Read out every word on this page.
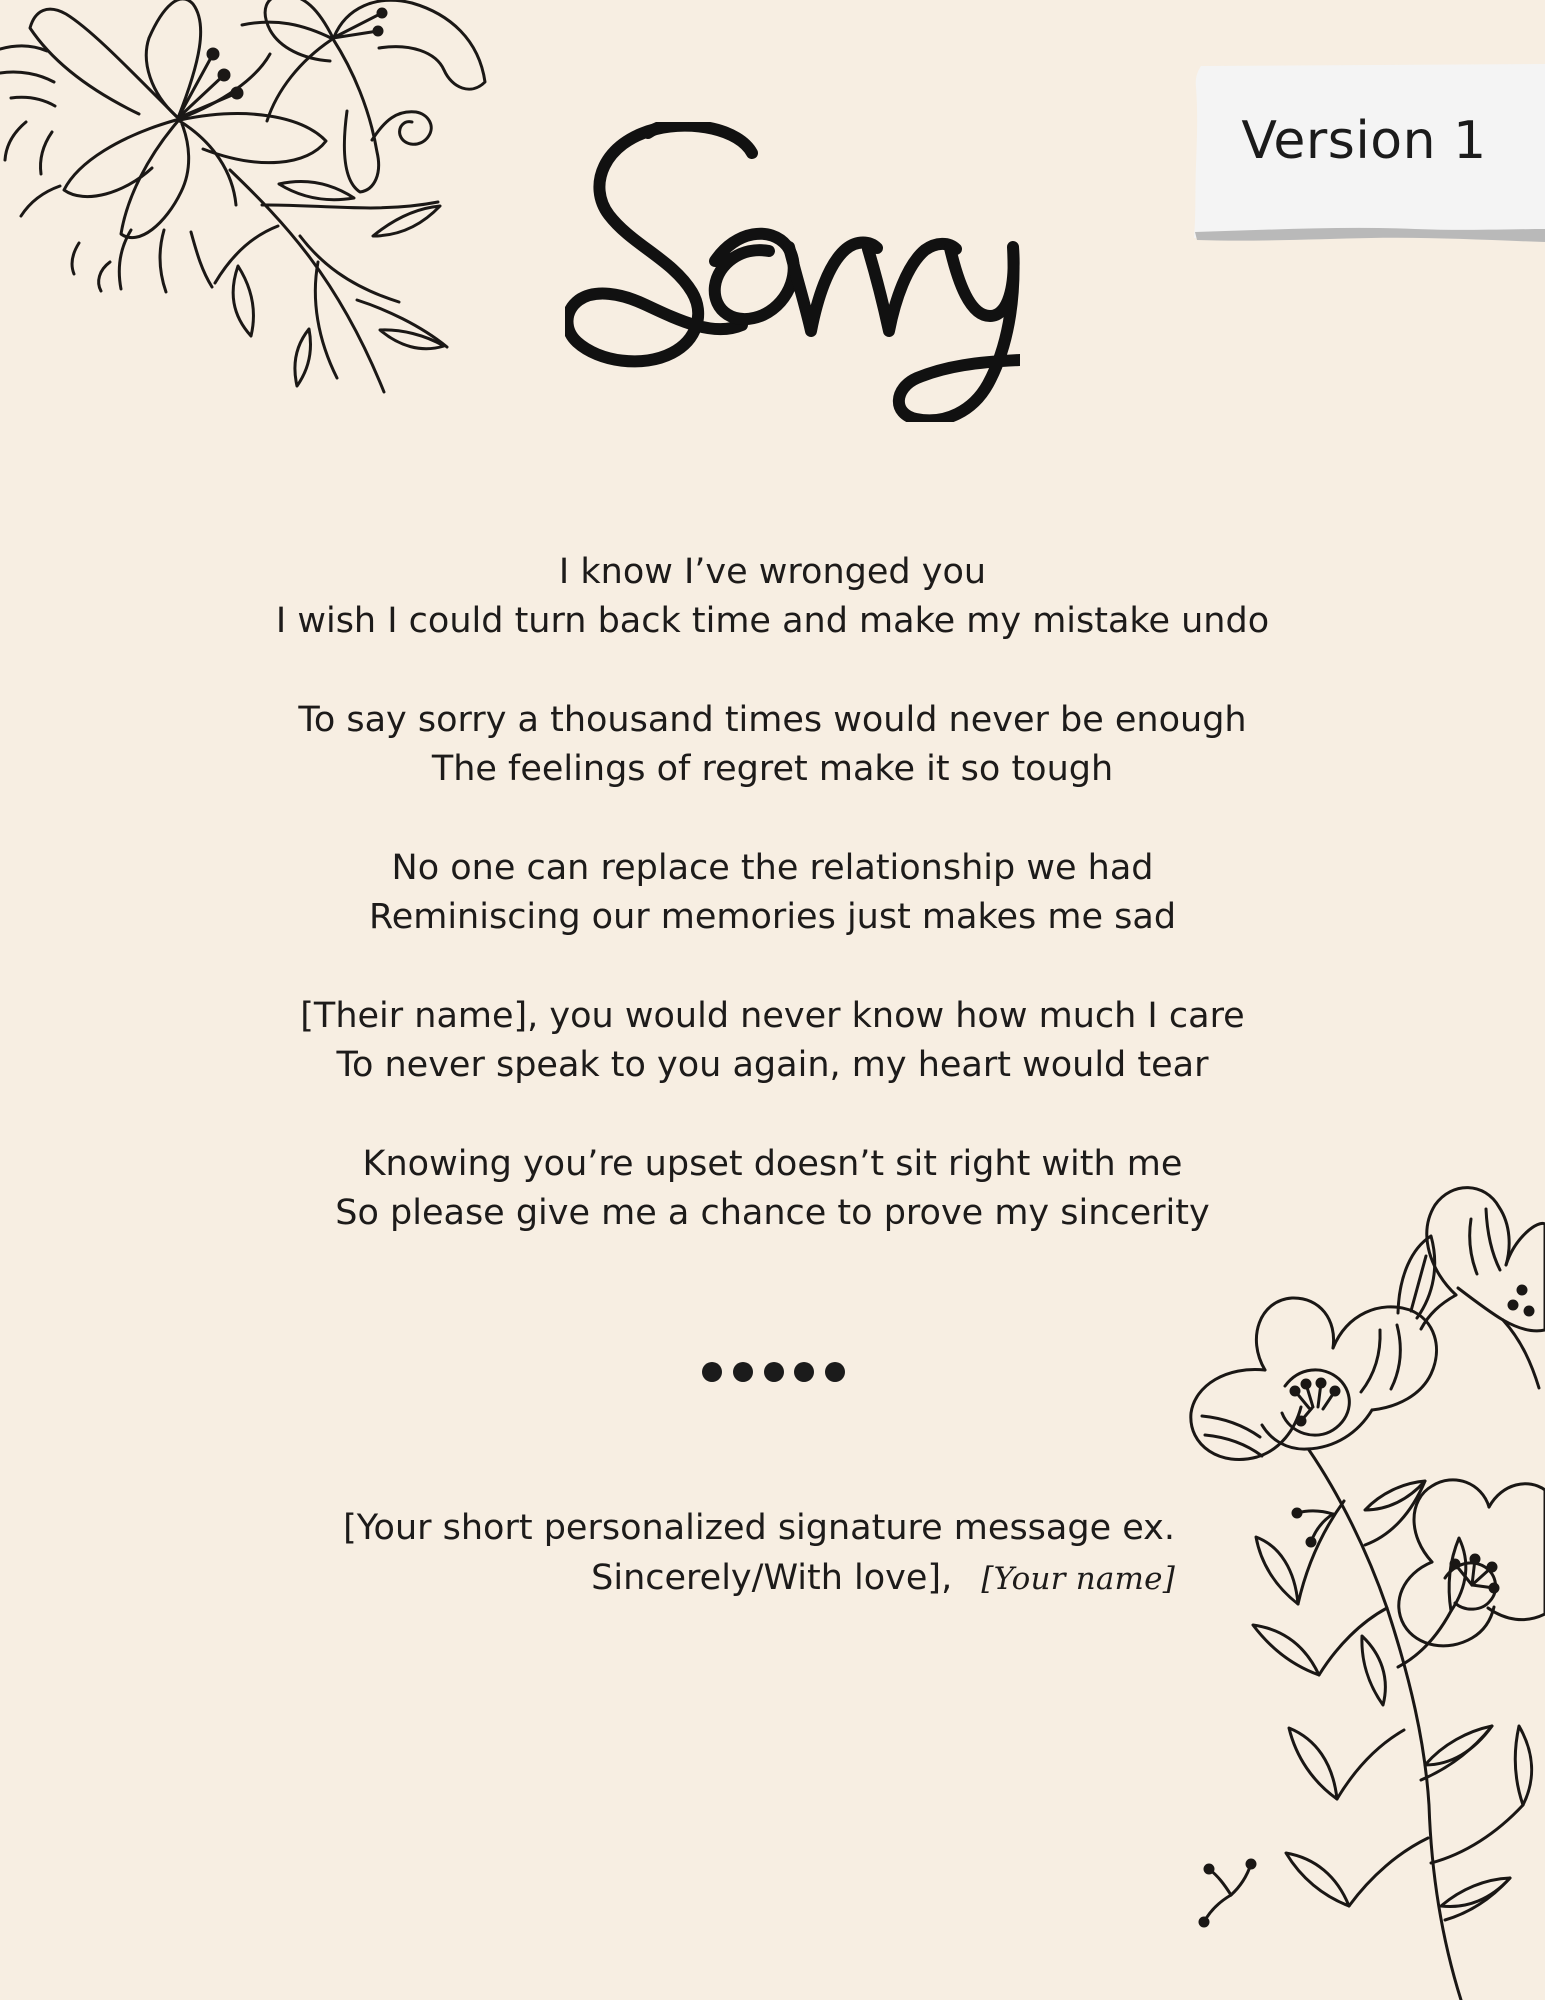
Version 1
I know I’ve wronged you
I wish I could turn back time and make my mistake undo
To say sorry a thousand times would never be enough
The feelings of regret make it so tough
No one can replace the relationship we had
Reminiscing our memories just makes me sad
[Their name], you would never know how much I care
To never speak to you again, my heart would tear
Knowing you’re upset doesn’t sit right with me
So please give me a chance to prove my sincerity
[Your short personalized signature message ex.
Sincerely/With love], [Your name]
